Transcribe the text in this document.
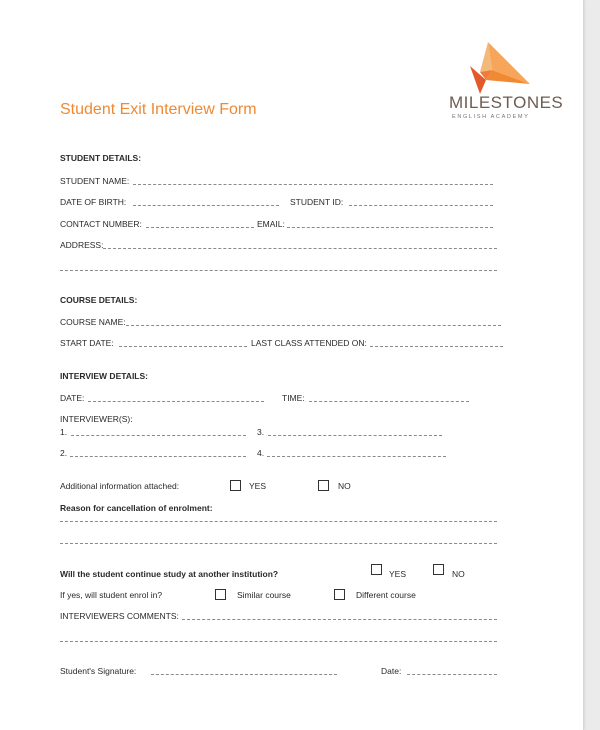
MILESTONES
ENGLISH ACADEMY
Student Exit Interview Form
STUDENT DETAILS:
STUDENT NAME:
DATE OF BIRTH:	STUDENT ID:
CONTACT NUMBER:	EMAIL:
ADDRESS:
COURSE DETAILS:
COURSE NAME:
START DATE:	LAST CLASS ATTENDED ON:
INTERVIEW DETAILS:
DATE:	TIME:
INTERVIEWER(S):
1.	3.
2.	4.
Additional information attached:	YES	NO
Reason for cancellation of enrolment:
Will the student continue study at another institution?	YES	NO
If yes, will student enrol in?	Similar course	Different course
INTERVIEWERS COMMENTS:
Student's Signature:	Date:
